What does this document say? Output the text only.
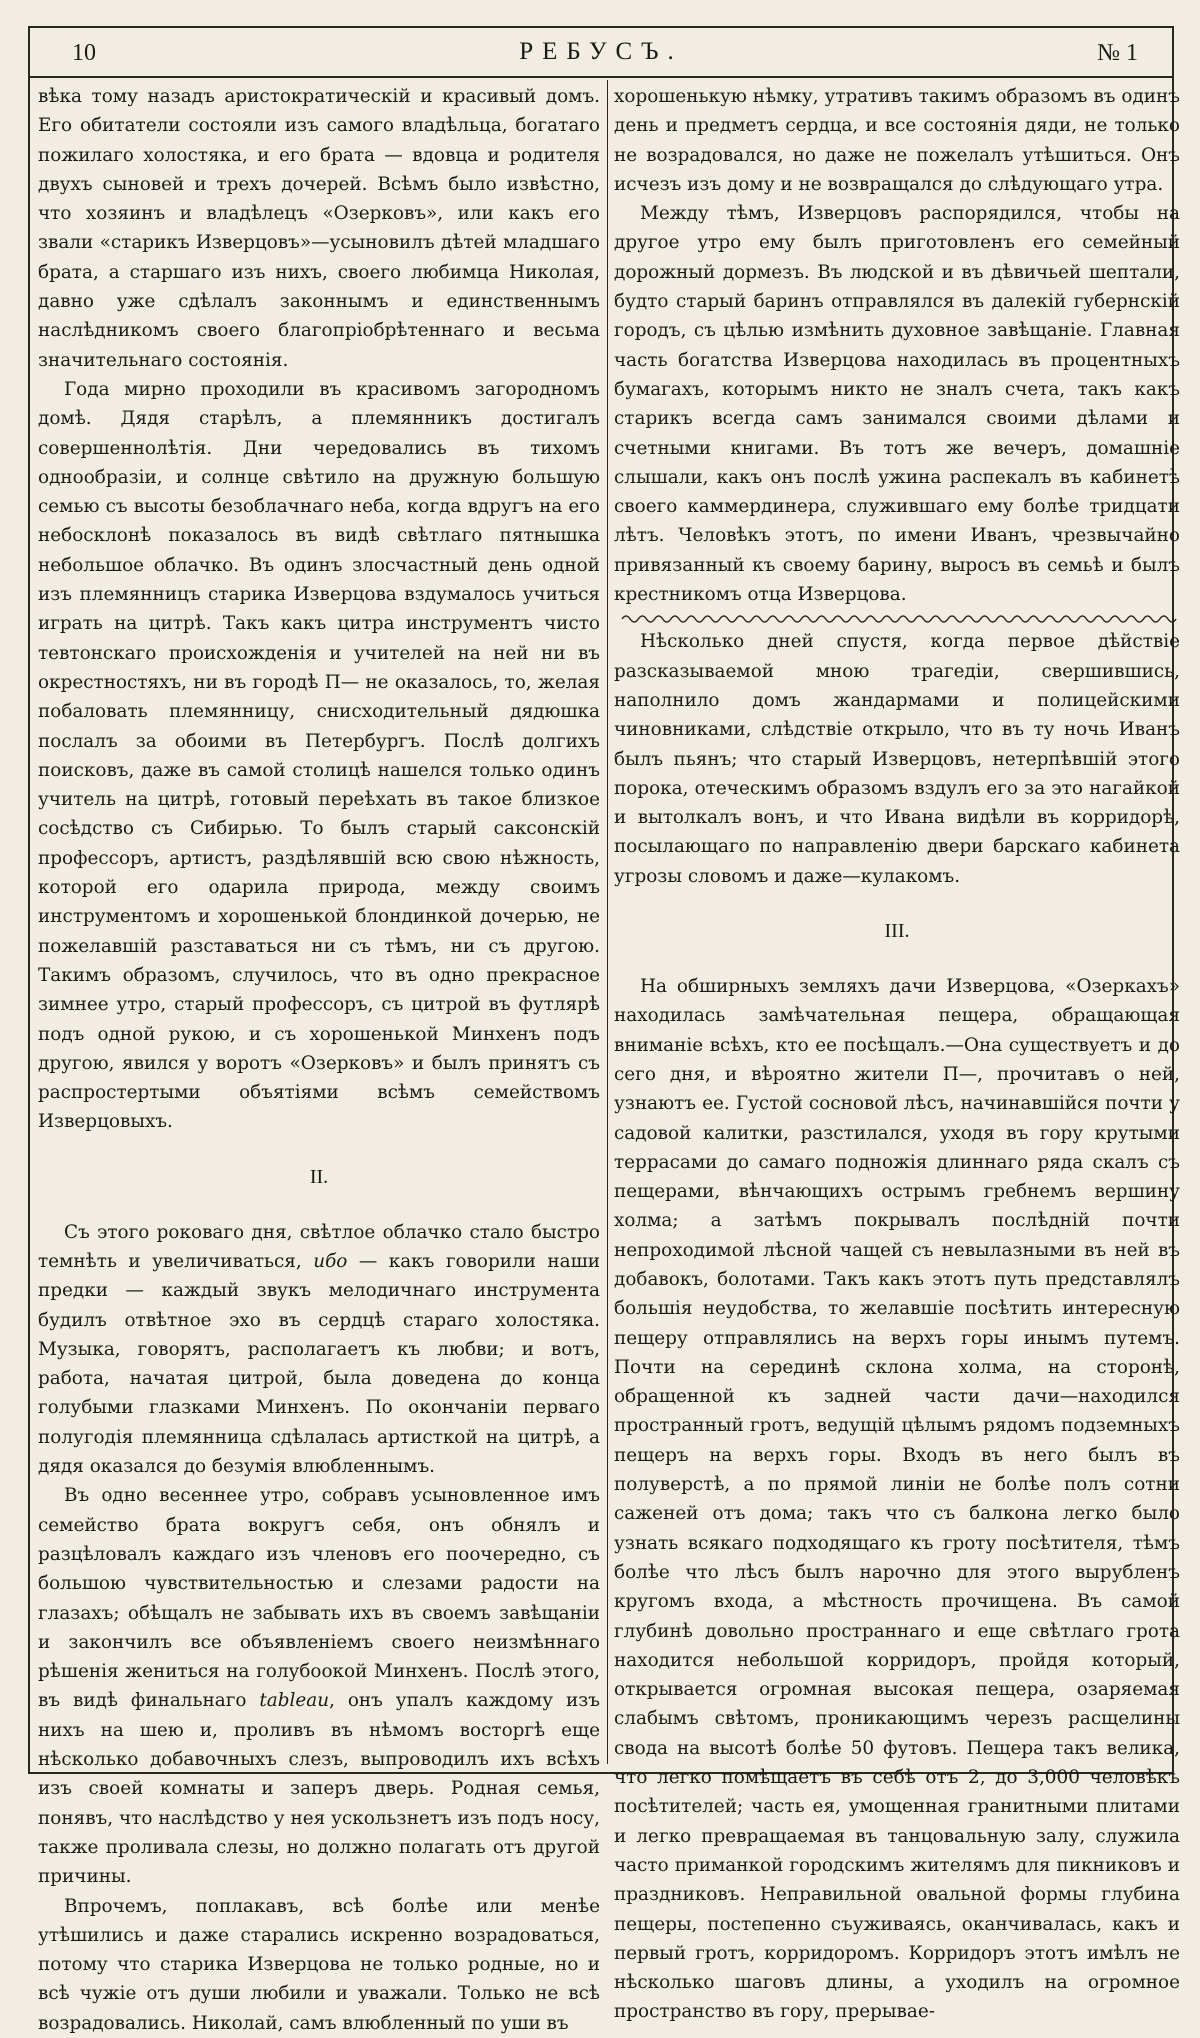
10	РЕБУСЪ.	№ 1

вѣка тому назадъ аристократическій и красивый домъ. Его обитатели состояли изъ самого владѣльца, богатаго пожилаго холостяка, и его брата — вдовца и родителя двухъ сыновей и трехъ дочерей. Всѣмъ было извѣстно, что хозяинъ и владѣлецъ «Озерковъ», или какъ его звали «старикъ Изверцовъ»—усыновилъ дѣтей младшаго брата, а старшаго изъ нихъ, своего любимца Николая, давно уже сдѣлалъ законнымъ и единственнымъ наслѣдникомъ своего благопріобрѣтеннаго и весьма значительнаго состоянія.

Года мирно проходили въ красивомъ загородномъ домѣ. Дядя старѣлъ, а племянникъ достигалъ совершеннолѣтія. Дни чередовались въ тихомъ однообразіи, и солнце свѣтило на дружную большую семью съ высоты безоблачнаго неба, когда вдругъ на его небосклонѣ показалось въ видѣ свѣтлаго пятнышка небольшое облачко. Въ одинъ злосчастный день одной изъ племянницъ старика Изверцова вздумалось учиться играть на цитрѣ. Такъ какъ цитра инструментъ чисто тевтонскаго происхожденія и учителей на ней ни въ окрестностяхъ, ни въ городѣ П— не оказалось, то, желая побаловать племянницу, снисходительный дядюшка послалъ за обоими въ Петербургъ. Послѣ долгихъ поисковъ, даже въ самой столицѣ нашелся только одинъ учитель на цитрѣ, готовый переѣхать въ такое близкое сосѣдство съ Сибирью. То былъ старый саксонскій профессоръ, артистъ, раздѣлявшій всю свою нѣжность, которой его одарила природа, между своимъ инструментомъ и хорошенькой блондинкой дочерью, не пожелавшій разставаться ни съ тѣмъ, ни съ другою. Такимъ образомъ, случилось, что въ одно прекрасное зимнее утро, старый профессоръ, съ цитрой въ футлярѣ подъ одной рукою, и съ хорошенькой Минхенъ подъ другою, явился у воротъ «Озерковъ» и былъ принятъ съ распростертыми объятіями всѣмъ семействомъ Изверцовыхъ.

II.

Съ этого роковаго дня, свѣтлое облачко стало быстро темнѣть и увеличиваться, ибо — какъ говорили наши предки — каждый звукъ мелодичнаго инструмента будилъ отвѣтное эхо въ сердцѣ стараго холостяка. Музыка, говорятъ, располагаетъ къ любви; и вотъ, работа, начатая цитрой, была доведена до конца голубыми глазками Минхенъ. По окончаніи перваго полугодія племянница сдѣлалась артисткой на цитрѣ, а дядя оказался до безумія влюбленнымъ.

Въ одно весеннее утро, собравъ усыновленное имъ семейство брата вокругъ себя, онъ обнялъ и разцѣловалъ каждаго изъ членовъ его поочередно, съ большою чувствительностью и слезами радости на глазахъ; обѣщалъ не забывать ихъ въ своемъ завѣщаніи и закончилъ все объявленіемъ своего неизмѣннаго рѣшенія жениться на голубоокой Минхенъ. Послѣ этого, въ видѣ финальнаго tableau, онъ упалъ каждому изъ нихъ на шею и, проливъ въ нѣмомъ восторгѣ еще нѣсколько добавочныхъ слезъ, выпроводилъ ихъ всѣхъ изъ своей комнаты и заперъ дверь. Родная семья, понявъ, что наслѣдство у нея ускользнетъ изъ подъ носу, также проливала слезы, но должно полагать отъ другой причины.

Впрочемъ, поплакавъ, всѣ болѣе или менѣе утѣшились и даже старались искренно возрадоваться, потому что старика Изверцова не только родные, но и всѣ чужіе отъ души любили и уважали. Только не всѣ возрадовались. Николай, самъ влюбленный по уши въ

хорошенькую нѣмку, утративъ такимъ образомъ въ одинъ день и предметъ сердца, и все состоянія дяди, не только не возрадовался, но даже не пожелалъ утѣшиться. Онъ исчезъ изъ дому и не возвращался до слѣдующаго утра.

Между тѣмъ, Изверцовъ распорядился, чтобы на другое утро ему былъ приготовленъ его семейный дорожный дормезъ. Въ людской и въ дѣвичьей шептали, будто старый баринъ отправлялся въ далекій губернскій городъ, съ цѣлью измѣнить духовное завѣщаніе. Главная часть богатства Изверцова находилась въ процентныхъ бумагахъ, которымъ никто не зналъ счета, такъ какъ старикъ всегда самъ занимался своими дѣлами и счетными книгами. Въ тотъ же вечеръ, домашніе слышали, какъ онъ послѣ ужина распекалъ въ кабинетѣ своего каммердинера, служившаго ему болѣе тридцати лѣтъ. Человѣкъ этотъ, по имени Иванъ, чрезвычайно привязанный къ своему барину, выросъ въ семьѣ и былъ крестникомъ отца Изверцова.

Нѣсколько дней спустя, когда первое дѣйствіе разсказываемой мною трагедіи, свершившись, наполнило домъ жандармами и полицейскими чиновниками, слѣдствіе открыло, что въ ту ночь Иванъ былъ пьянъ; что старый Изверцовъ, нетерпѣвшій этого порока, отеческимъ образомъ вздулъ его за это нагайкой и вытолкалъ вонъ, и что Ивана видѣли въ корридорѣ, посылающаго по направленію двери барскаго кабинета угрозы словомъ и даже—кулакомъ.

III.

На обширныхъ земляхъ дачи Изверцова, «Озеркахъ» находилась замѣчательная пещера, обращающая вниманіе всѣхъ, кто ее посѣщалъ.—Она существуетъ и до сего дня, и вѣроятно жители П—, прочитавъ о ней, узнаютъ ее. Густой сосновой лѣсъ, начинавшійся почти у садовой калитки, разстилался, уходя въ гору крутыми террасами до самаго подножія длиннаго ряда скалъ съ пещерами, вѣнчающихъ острымъ гребнемъ вершину холма; а затѣмъ покрывалъ послѣдній почти непроходимой лѣсной чащей съ невылазными въ ней въ добавокъ, болотами. Такъ какъ этотъ путь представлялъ большія неудобства, то желавшіе посѣтить интересную пещеру отправлялись на верхъ горы инымъ путемъ. Почти на серединѣ склона холма, на сторонѣ, обращенной къ задней части дачи—находился пространный гротъ, ведущій цѣлымъ рядомъ подземныхъ пещеръ на верхъ горы. Входъ въ него былъ въ полуверстѣ, а по прямой линіи не болѣе полъ сотни саженей отъ дома; такъ что съ балкона легко было узнать всякаго подходящаго къ гроту посѣтителя, тѣмъ болѣе что лѣсъ былъ нарочно для этого вырубленъ кругомъ входа, а мѣстность прочищена. Въ самой глубинѣ довольно пространнаго и еще свѣтлаго грота находится небольшой корридоръ, пройдя который, открывается огромная высокая пещера, озаряемая слабымъ свѣтомъ, проникающимъ черезъ расщелины свода на высотѣ болѣе 50 футовъ. Пещера такъ велика, что легко помѣщаетъ въ себѣ отъ 2, до 3,000 человѣкъ посѣтителей; часть ея, умощенная гранитными плитами и легко превращаемая въ танцовальную залу, служила часто приманкой городскимъ жителямъ для пикниковъ и праздниковъ. Неправильной овальной формы глубина пещеры, постепенно съуживаясь, оканчивалась, какъ и первый гротъ, корридоромъ. Корридоръ этотъ имѣлъ не нѣсколько шаговъ длины, а уходилъ на огромное пространство въ гору, прерывае-
